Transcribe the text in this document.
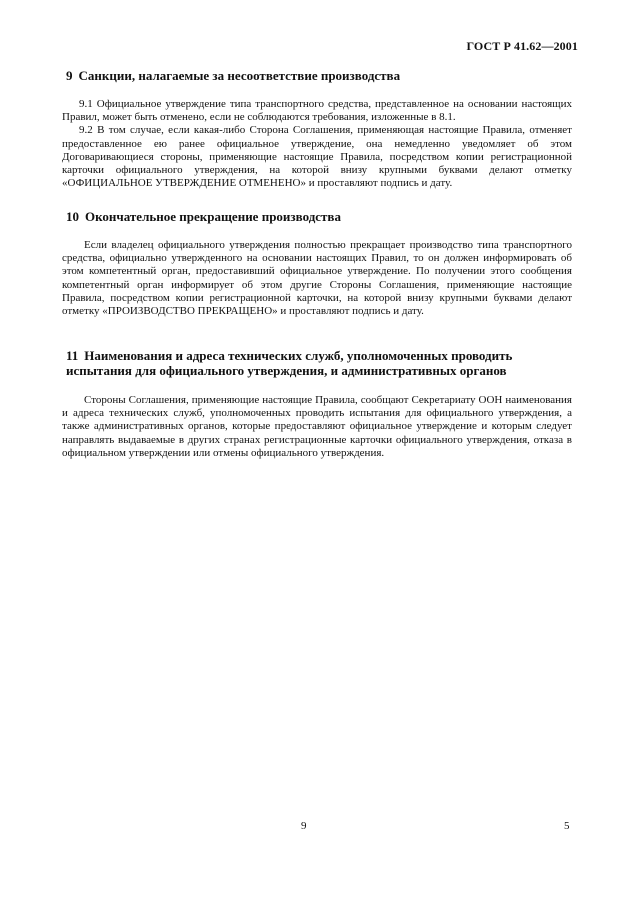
ГОСТ Р 41.62—2001
9 Санкции, налагаемые за несоответствие производства

9.1 Официальное утверждение типа транспортного средства, представленное на основании настоящих Правил, может быть отменено, если не соблюдаются требования, изложенные в 8.1.

9.2 В том случае, если какая-либо Сторона Соглашения, применяющая настоящие Правила, отменяет предоставленное ею ранее официальное утверждение, она немедленно уведомляет об этом Договаривающиеся стороны, применяющие настоящие Правила, посредством копии регистрационной карточки официального утверждения, на которой внизу крупными буквами делают отметку «ОФИЦИАЛЬНОЕ УТВЕРЖДЕНИЕ ОТМЕНЕНО» и проставляют подпись и дату.

10 Окончательное прекращение производства

Если владелец официального утверждения полностью прекращает производство типа транспортного средства, официально утвержденного на основании настоящих Правил, то он должен информировать об этом компетентный орган, предоставивший официальное утверждение. По получении этого сообщения компетентный орган информирует об этом другие Стороны Соглашения, применяющие настоящие Правила, посредством копии регистрационной карточки, на которой внизу крупными буквами делают отметку «ПРОИЗВОДСТВО ПРЕКРАЩЕНО» и проставляют подпись и дату.

11 Наименования и адреса технических служб, уполномоченных проводить испытания для официального утверждения, и административных органов

Стороны Соглашения, применяющие настоящие Правила, сообщают Секретариату ООН наименования и адреса технических служб, уполномоченных проводить испытания для официального утверждения, а также административных органов, которые предоставляют официальное утверждение и которым следует направлять выдаваемые в других странах регистрационные карточки официального утверждения, отказа в официальном утверждении или отмены официального утверждения.

9	5
